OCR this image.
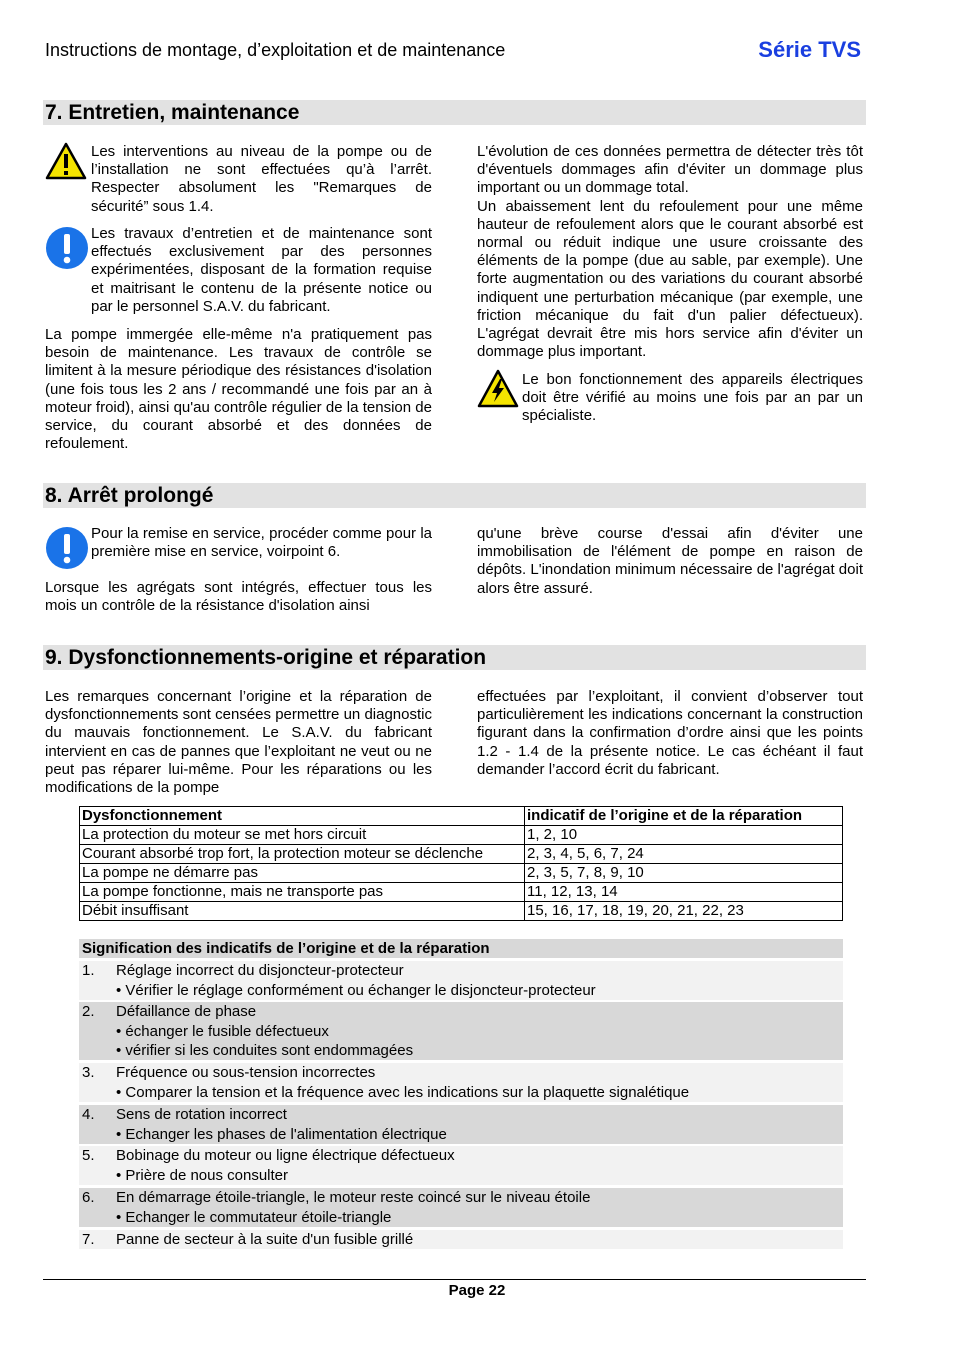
Instructions de montage, d’exploitation et de maintenance	Série TVS
7. Entretien, maintenance
Les interventions au niveau de la pompe ou de l’installation ne sont effectuées qu’à l’arrêt. Respecter absolument les "Remarques de sécurité” sous 1.4.
Les travaux d’entretien et de maintenance sont effectués exclusivement par des personnes expérimentées, disposant de la formation requise et maitrisant le contenu de la présente notice ou par le personnel S.A.V. du fabricant.
La pompe immergée elle-même n'a pratiquement pas besoin de maintenance. Les travaux de contrôle se limitent à la mesure périodique des résistances d'isolation (une fois tous les 2 ans / recommandé une fois par an à moteur froid), ainsi qu'au contrôle régulier de la tension de service, du courant absorbé et des données de refoulement.

L'évolution de ces données permettra de détecter très tôt d'éventuels dommages afin d'éviter un dommage plus important ou un dommage total.

Un abaissement lent du refoulement pour une même hauteur de refoulement alors que le courant absorbé est normal ou réduit indique une usure croissante des éléments de la pompe (due au sable, par exemple). Une forte augmentation ou des variations du courant absorbé indiquent une perturbation mécanique (par exemple, une friction mécanique du fait d'un palier défectueux). L'agrégat devrait être mis hors service afin d'éviter un dommage plus important.

Le bon fonctionnement des appareils électriques doit être vérifié au moins une fois par an par un spécialiste.
8. Arrêt prolongé
Pour la remise en service, procéder comme pour la première mise en service, voirpoint 6.
Lorsque les agrégats sont intégrés, effectuer tous les mois un contrôle de la résistance d'isolation ainsi
qu'une brève course d'essai afin d'éviter une immobilisation de l'élément de pompe en raison de dépôts. L'inondation minimum nécessaire de l'agrégat doit alors être assuré.
9. Dysfonctionnements-origine et réparation
Les remarques concernant l’origine et la réparation de dysfonctionnements sont censées permettre un diagnostic du mauvais fonctionnement. Le S.A.V. du fabricant intervient en cas de pannes que l’exploitant ne veut ou ne peut pas réparer lui-même. Pour les réparations ou les modifications de la pompe
effectuées par l’exploitant, il convient d’observer tout particulièrement les indications concernant la construction figurant dans la confirmation d’ordre ainsi que les points 1.2 - 1.4 de la présente notice. Le cas échéant il faut demander l’accord écrit du fabricant.
Dysfonctionnement	indicatif de l’origine et de la réparation
La protection du moteur se met hors circuit	1, 2, 10
Courant absorbé trop fort, la protection moteur se déclenche	2, 3, 4, 5, 6, 7, 24
La pompe ne démarre pas	2, 3, 5, 7, 8, 9, 10
La pompe fonctionne, mais ne transporte pas	11, 12, 13, 14
Débit insuffisant	15, 16, 17, 18, 19, 20, 21, 22, 23
Signification des indicatifs de l’origine et de la réparation
1.	Réglage incorrect du disjoncteur-protecteur
• Vérifier le réglage conformément ou échanger le disjoncteur-protecteur
2.	Défaillance de phase
• échanger le fusible défectueux
• vérifier si les conduites sont endommagées
3.	Fréquence ou sous-tension incorrectes
• Comparer la tension et la fréquence avec les indications sur la plaquette signalétique
4.	Sens de rotation incorrect
• Echanger les phases de l'alimentation électrique
5.	Bobinage du moteur ou ligne électrique défectueux
• Prière de nous consulter
6.	En démarrage étoile-triangle, le moteur reste coincé sur le niveau étoile
• Echanger le commutateur étoile-triangle
7.	Panne de secteur à la suite d'un fusible grillé
Page 22
